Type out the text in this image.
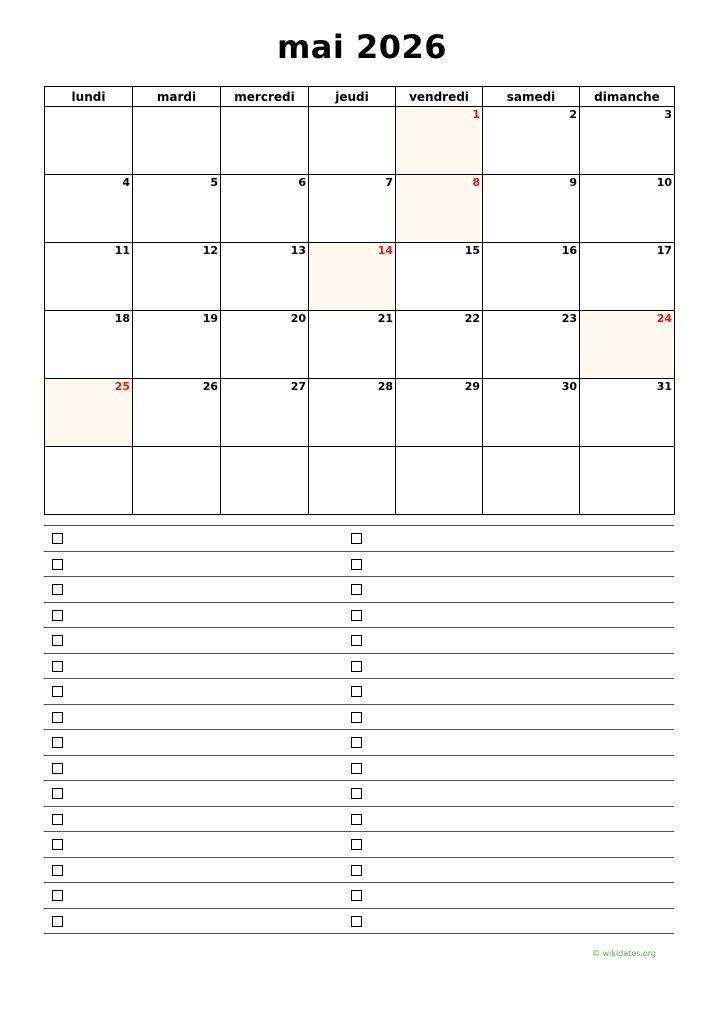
mai 2026
lundi	mardi	mercredi	jeudi	vendredi	samedi	dimanche

				1	2	3

4	5	6	7	8	9	10

11	12	13	14	15	16	17

18	19	20	21	22	23	24

25	26	27	28	29	30	31

© wikidates.org
